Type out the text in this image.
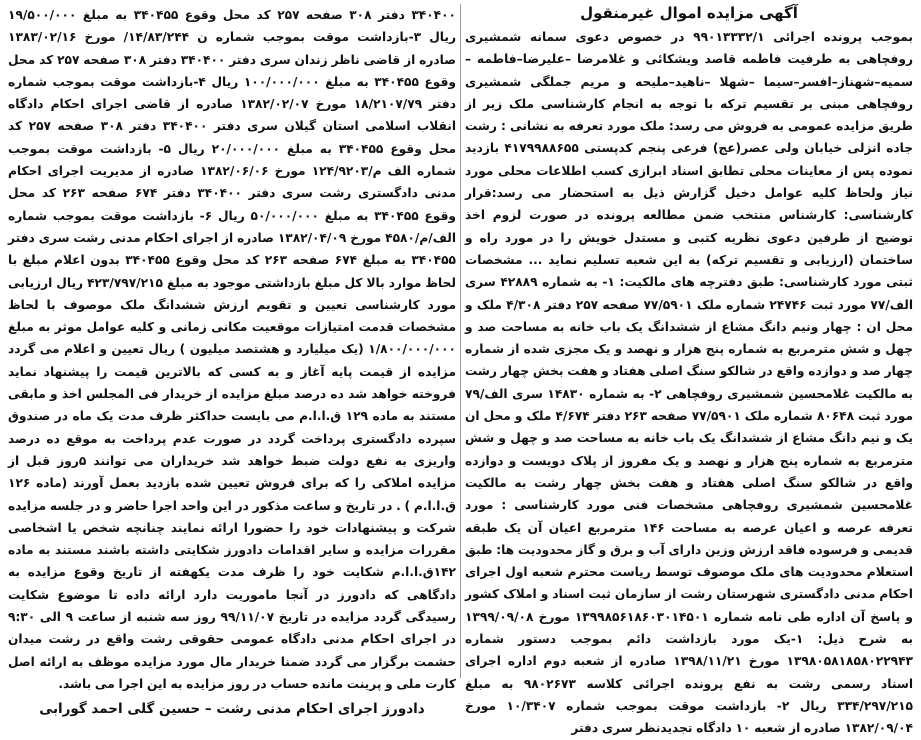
آگهی مزایده اموال غیرمنقول

بموجب پرونده اجرائی ۹۹۰۱۳۳۳۲/۱ در خصوص دعوی سمانه شمشیری روفچاهی به طرفیت فاطمه قاصد ویشکائی و غلامرضا –علیرضا–فاطمه –سمیه–شهناز–افسر–سیما –شهلا –ناهید–ملیحه و مریم جملگی شمشیری روفچاهی مبنی بر تقسیم ترکه با توجه به انجام کارشناسی ملک زیر از طریق مزایده عمومی به فروش می رسد: ملک مورد تعرفه به نشانی : رشت جاده انزلی خیابان ولی عصر(عج) فرعی پنجم کدپستی ۴۱۷۹۹۸۸۶۵۵ بازدید نموده پس از معاینات محلی تطابق اسناد ابرازی کسب اطلاعات محلی مورد نیاز ولحاظ کلیه عوامل دخیل گزارش ذیل به استحضار می رسد:قرار کارشناسی: کارشناس منتخب ضمن مطالعه پرونده در صورت لزوم اخذ توضیح از طرفین دعوی نظریه کتبی و مستدل خویش را در مورد راه و ساختمان (ارزیابی و تقسیم ترکه) به این شعبه تسلیم نماید ... مشخصات ثبتی مورد کارشناسی: طبق دفترچه های مالکیت: ۱- به شماره ۴۲۸۸۹ سری الف/۷۷ مورد ثبت ۲۴۷۴۶ شماره ملک ۷۷/۵۹۰۱ صفحه ۲۵۷ دفتر ۴/۳۰۸ ملک و محل ان : چهار ونیم دانگ مشاع از ششدانگ یک باب خانه به مساحت صد و چهل و شش مترمربع به شماره پنج هزار و نهصد و یک مجزی شده از شماره چهار صد و دوازده واقع در شالکو سنگ اصلی هفتاد و هفت بخش چهار رشت به مالکیت غلامحسین شمشیری روفچاهی ۲- به شماره ۱۴۸۳۰ سری الف/۷۹ مورد ثبت ۸۰۶۴۸ شماره ملک ۷۷/۵۹۰۱ صفحه ۲۶۳ دفتر ۴/۶۷۴ ملک و محل ان یک و نیم دانگ مشاع از ششدانگ یک باب خانه به مساحت صد و چهل و شش مترمربع به شماره پنج هزار و نهصد و یک مفروز از پلاک دویست و دوازده واقع در شالکو سنگ اصلی هفتاد و هفت بخش چهار رشت به مالکیت غلامحسین شمشیری روفچاهی مشخصات فنی مورد کارشناسی : مورد تعرفه عرصه و اعیان عرصه به مساحت ۱۴۶ مترمربع اعیان آن یک طبقه قدیمی و فرسوده فاقد ارزش وزین دارای آب و برق و گاز محدودیت ها: طبق استعلام محدودیت های ملک موصوف توسط ریاست محترم شعبه اول اجرای احکام مدنی دادگستری شهرستان رشت از سازمان ثبت اسناد و املاک کشور و پاسخ آن اداره طی نامه شماره ۱۳۹۹۸۵۶۱۸۶۰۳۰۱۴۵۰۱ مورخ ۱۳۹۹/۰۹/۰۸ به شرح ذیل: ۱-یک مورد بازداشت دائم بموجب دستور شماره ۱۳۹۸۰۵۸۱۸۵۸۰۲۲۹۴۳ مورخ ۱۳۹۸/۱۱/۲۱ صادره از شعبه دوم اداره اجرای اسناد رسمی رشت به نفع پرونده اجرائی کلاسه ۹۸۰۲۶۷۳ به مبلغ ۳۳۴/۲۹۷/۲۱۵ ریال ۲- بازداشت موقت بموجب شماره ۱۰/۳۴۰۷ مورخ ۱۳۸۲/۰۹/۰۴ صادره از شعبه ۱۰ دادگاه تجدیدنظر سری دفتر

۳۴۰۴۰۰ دفتر ۳۰۸ صفحه ۲۵۷ کد محل وقوع ۳۴۰۴۵۵ به مبلغ ۱۹/۵۰۰/۰۰۰ ریال ۳-بازداشت موقت بموجب شماره ن ۱۴/۸۳/۲۴۴/ مورخ ۱۳۸۳/۰۲/۱۶ صادره از قاضی ناظر زندان سری دفتر ۳۴۰۴۰۰ دفتر ۳۰۸ صفحه ۲۵۷ کد محل وقوع ۳۴۰۴۵۵ به مبلغ ۱۰۰/۰۰۰/۰۰۰ ریال ۴-بازداشت موقت بموجب شماره دفتر ۱۸/۲۱۰۷/۷۹ مورخ ۱۳۸۲/۰۲/۰۷ صادره از قاضی اجرای احکام دادگاه انقلاب اسلامی استان گیلان سری دفتر ۳۴۰۴۰۰ دفتر ۳۰۸ صفحه ۲۵۷ کد محل وقوع ۳۴۰۴۵۵ به مبلغ ۲۰/۰۰۰/۰۰۰ ریال ۵- بازداشت موقت بموجب شماره الف م/۱۲۴/۹۲۰۳ مورخ ۱۳۸۲/۰۶/۰۶ صادره از مدیریت اجرای احکام مدنی دادگستری رشت سری دفتر ۳۴۰۴۰۰ دفتر ۶۷۴ صفحه ۲۶۳ کد محل وقوع ۳۴۰۴۵۵ به مبلغ ۵۰/۰۰۰/۰۰۰ ریال ۶- بازداشت موقت بموجب شماره الف/م/۴۵۸۰ مورخ ۱۳۸۲/۰۴/۰۹ صادره از اجرای احکام مدنی رشت سری دفتر ۳۴۰۴۵۵ به مبلغ ۶۷۴ صفحه ۲۶۳ کد محل وقوع ۳۴۰۴۵۵ بدون اعلام مبلغ با لحاظ موارد بالا کل مبلغ بازداشتی موجود به مبلغ ۴۲۳/۷۹۷/۲۱۵ ریال ارزیابی مورد کارشناسی تعیین و تقویم ارزش ششدانگ ملک موصوف با لحاظ مشخصات قدمت امتیازات موقعیت مکانی زمانی و کلیه عوامل موثر به مبلغ ۱/۸۰۰/۰۰۰/۰۰۰ (یک میلیارد و هشتصد میلیون ) ریال تعیین و اعلام می گردد مزایده از قیمت پایه آغاز و به کسی که بالاترین قیمت را پیشنهاد نماید فروخته خواهد شد ده درصد مبلغ مزایده از خریدار فی المجلس اخذ و مابقی مستند به ماده ۱۲۹ ق.ا.ا.م می بایست حداکثر ظرف مدت یک ماه در صندوق سپرده دادگستری پرداخت گردد در صورت عدم پرداخت به موقع ده درصد واریزی به نفع دولت ضبط خواهد شد خریداران می توانند ۵روز قبل از مزایده املاکی را که برای فروش تعیین شده بازدید بعمل آورند (ماده ۱۲۶ ق.ا.ا.م ) . در تاریخ و ساعت مذکور در این واحد اجرا حاضر و در جلسه مزایده شرکت و پیشنهادات خود را حضورا ارائه نمایند چنانچه شخص یا اشخاصی مقررات مزایده و سایر اقدامات دادورز شکایتی داشته باشند مستند به ماده ۱۴۲ق.ا.ا.م شکایت خود را ظرف مدت یکهفته از تاریخ وقوع مزایده به دادگاهی که دادورز در آنجا ماموریت دارد ارائه داده تا موضوع شکایت رسیدگی گردد مزایده در تاریخ ۹۹/۱۱/۰۷ روز سه شنبه از ساعت ۹ الی ۹:۳۰ در اجرای احکام مدنی دادگاه عمومی حقوقی رشت واقع در رشت میدان حشمت برگزار می گردد ضمنا خریدار مال مورد مزایده موظف به ارائه اصل کارت ملی و پرینت مانده حساب در روز مزایده به این اجرا می باشد.

دادورز اجرای احکام مدنی رشت – حسین گلی احمد گورابی
